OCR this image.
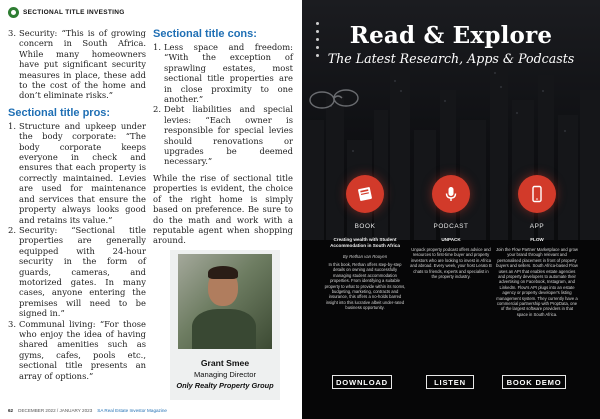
SECTIONAL TITLE INVESTING
3. Security: “This is of growing concern in South Africa. While many homeowners have put significant security measures in place, these add to the cost of the home and don’t eliminate risks.”
Sectional title pros:
1. Structure and upkeep under the body corporate: “The body corporate keeps everyone in check and ensures that each property is correctly maintained. Levies are used for maintenance and services that ensure the property always looks good and retains its value.”
2. Security: “Sectional title properties are generally equipped with 24-hour security in the form of guards, cameras, and motorized gates. In many cases, anyone entering the premises will need to be signed in.”
3. Communal living: “For those who enjoy the idea of having shared amenities such as gyms, cafes, pools etc., sectional title presents an array of options.”
Sectional title cons:
1. Less space and freedom: “With the exception of sprawling estates, most sectional title properties are in close proximity to one another.”
2. Debt liabilities and special levies: “Each owner is responsible for special levies should renovations or upgrades be deemed necessary.”

While the rise of sectional title properties is evident, the choice of the right home is simply based on preference. Be sure to do the math and work with a reputable agent when shopping around.

Grant Smee
Managing Director
Only Realty Property Group
62 DECEMBER 2022 / JANUARY 2023 SA Real Estate Investor Magazine
Read & Explore
The Latest Research, Apps & Podcasts
BOOK
Creating wealth with Student Accommodation in South Africa
By Rethan van Rooyen
In this book, Rethan offers step-by-step details on owning and successfully managing student accommodation properties. From identifying a suitable property to what to provide within its rooms, budgeting, marketing, contracts and insurance, this offers a no-holds barred insight into this lucrative albeit under-rated business opportunity.
PODCAST
UNPACK
Unpack property podcast offers advice and resources to first-time buyer and property investors who are looking to invest in Africa and abroad. Every week, your host Lerato B chats to friends, experts and specialist in the property industry.
APP
FLOW
Join the Flow Partner Marketplace and grow your brand through relevant and personalised placement in front of property buyers and sellers. South Africa-based Flow uses an API that enables estate agencies and property developers to automate their advertising on Facebook, Instagram, and LinkedIn. Flow's API plugs into an estate agency or property developer's listing management system. They currently have a commercial partnership with PropData, one of the largest software providers in that space in South Africa.
DOWNLOAD	LISTEN	BOOK DEMO
